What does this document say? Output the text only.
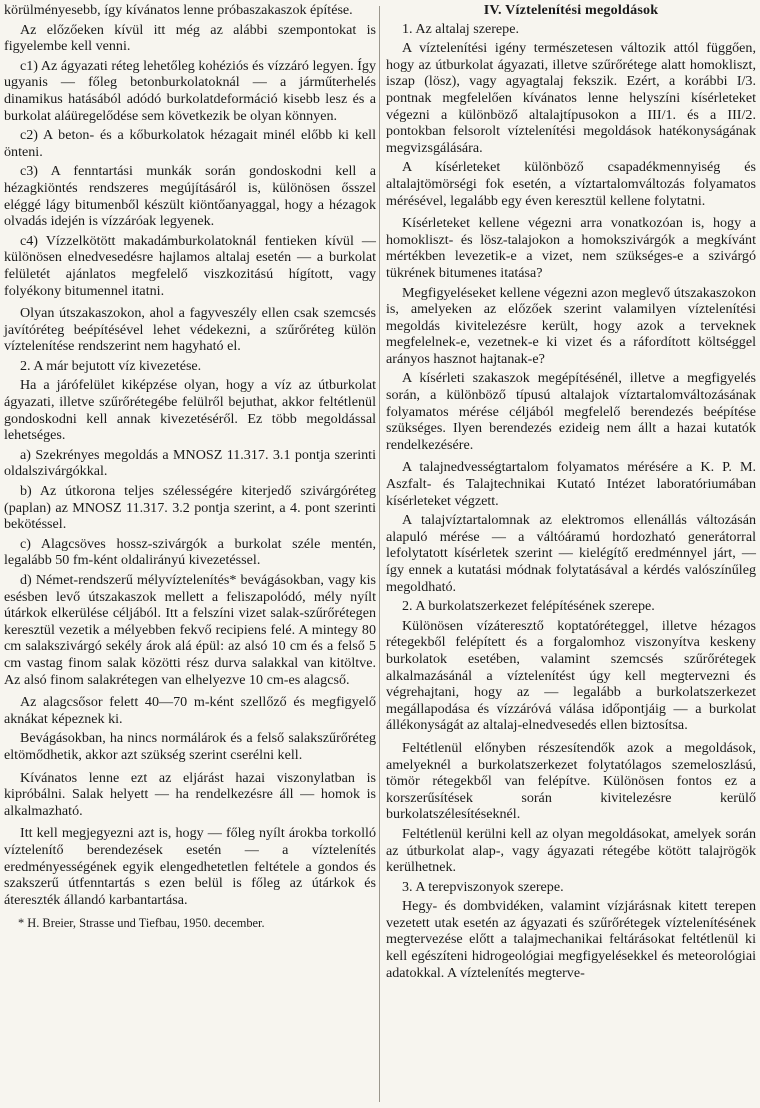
körülményesebb, így kívánatos lenne próbaszakaszok építése.

Az előzőeken kívül itt még az alábbi szempontokat is figyelembe kell venni.

c1) Az ágyazati réteg lehetőleg kohéziós és vízzáró legyen. Így ugyanis — főleg betonburkolatoknál — a járműterhelés dinamikus hatásából adódó burkolatdeformáció kisebb lesz és a burkolat aláüregelődése sem következik be olyan könnyen.

c2) A beton- és a kőburkolatok hézagait minél előbb ki kell önteni.

c3) A fenntartási munkák során gondoskodni kell a hézagkiöntés rendszeres megújításáról is, különösen ősszel eléggé lágy bitumenből készült kiöntőanyaggal, hogy a hézagok olvadás idején is vízzáróak legyenek.

c4) Vízzelkötött makadámburkolatoknál fentieken kívül — különösen elnedvesedésre hajlamos altalaj esetén — a burkolat felületét ajánlatos megfelelő viszkozitású hígított, vagy folyékony bitumennel itatni.

Olyan útszakaszokon, ahol a fagyveszély ellen csak szemcsés javítóréteg beépítésével lehet védekezni, a szűrőréteg külön víztelenítése rendszerint nem hagyható el.

2. A már bejutott víz kivezetése.

Ha a járófelület kiképzése olyan, hogy a víz az útburkolat ágyazati, illetve szűrőrétegébe felülről bejuthat, akkor feltétlenül gondoskodni kell annak kivezetéséről. Ez több megoldással lehetséges.

a) Szekrényes megoldás a MNOSZ 11.317. 3.1 pontja szerinti oldalszivárgókkal.

b) Az útkorona teljes szélességére kiterjedő szivárgóréteg (paplan) az MNOSZ 11.317. 3.2 pontja szerint, a 4. pont szerinti bekötéssel.

c) Alagcsöves hossz-szivárgók a burkolat széle mentén, legalább 50 fm-ként oldalirányú kivezetéssel.

d) Német-rendszerű mélyvíztelenítés* bevágásokban, vagy kis esésben levő útszakaszok mellett a feliszapolódó, mély nyílt útárkok elkerülése céljából. Itt a felszíni vizet salak-szűrőrétegen keresztül vezetik a mélyebben fekvő recipiens felé. A mintegy 80 cm salakszivárgó sekély árok alá épül: az alsó 10 cm és a felső 5 cm vastag finom salak közötti rész durva salakkal van kitöltve. Az alsó finom salakrétegen van elhelyezve 10 cm-es alagcső.

Az alagcsősor felett 40—70 m-ként szellőző és megfigyelő aknákat képeznek ki.

Bevágásokban, ha nincs normálárok és a felső salakszűrőréteg eltömődhetik, akkor azt szükség szerint cserélni kell.

Kívánatos lenne ezt az eljárást hazai viszonylatban is kipróbálni. Salak helyett — ha rendelkezésre áll — homok is alkalmazható.

Itt kell megjegyezni azt is, hogy — főleg nyílt árokba torkolló víztelenítő berendezések esetén — a víztelenítés eredményességének egyik elengedhetetlen feltétele a gondos és szakszerű útfenntartás s ezen belül is főleg az útárkok és átereszték állandó karbantartása.

* H. Breier, Strasse und Tiefbau, 1950. december.

IV. Víztelenítési megoldások

1. Az altalaj szerepe.

A víztelenítési igény természetesen változik attól függően, hogy az útburkolat ágyazati, illetve szűrőrétege alatt homokliszt, iszap (lösz), vagy agyagtalaj fekszik. Ezért, a korábbi I/3. pontnak megfelelően kívánatos lenne helyszíni kísérleteket végezni a különböző altalajtípusokon a III/1. és a III/2. pontokban felsorolt víztelenítési megoldások hatékonyságának megvizsgálására.

A kísérleteket különböző csapadékmennyiség és altalajtömörségi fok esetén, a víztartalomváltozás folyamatos mérésével, legalább egy éven keresztül kellene folytatni.

Kísérleteket kellene végezni arra vonatkozóan is, hogy a homokliszt- és lösz-talajokon a homokszivárgók a megkívánt mértékben levezetik-e a vizet, nem szükséges-e a szivárgó tükrének bitumenes itatása?

Megfigyeléseket kellene végezni azon meglevő útszakaszokon is, amelyeken az előzőek szerint valamilyen víztelenítési megoldás kivitelezésre került, hogy azok a terveknek megfelelnek-e, vezetnek-e ki vizet és a ráfordított költséggel arányos hasznot hajtanak-e?

A kísérleti szakaszok megépítésénél, illetve a megfigyelés során, a különböző típusú altalajok víztartalomváltozásának folyamatos mérése céljából megfelelő berendezés beépítése szükséges. Ilyen berendezés ezideig nem állt a hazai kutatók rendelkezésére.

A talajnedvességtartalom folyamatos mérésére a K. P. M. Aszfalt- és Talajtechnikai Kutató Intézet laboratóriumában kísérleteket végzett.

A talajvíztartalomnak az elektromos ellenállás változásán alapuló mérése — a váltóáramú hordozható generátorral lefolytatott kísérletek szerint — kielégítő eredménnyel járt, — így ennek a kutatási módnak folytatásával a kérdés valószínűleg megoldható.

2. A burkolatszerkezet felépítésének szerepe.

Különösen vízáteresztő koptatóréteggel, illetve hézagos rétegekből felépített és a forgalomhoz viszonyítva keskeny burkolatok esetében, valamint szemcsés szűrőrétegek alkalmazásánál a víztelenítést úgy kell megtervezni és végrehajtani, hogy az — legalább a burkolatszerkezet megállapodása és vízzáróvá válása időpontjáig — a burkolat állékonyságát az altalaj-elnedvesedés ellen biztosítsa.

Feltétlenül előnyben részesítendők azok a megoldások, amelyeknél a burkolatszerkezet folytatólagos szemeloszlású, tömör rétegekből van felépítve. Különösen fontos ez a korszerűsítések során kivitelezésre kerülő burkolatszélesítéseknél.

Feltétlenül kerülni kell az olyan megoldásokat, amelyek során az útburkolat alap-, vagy ágyazati rétegébe kötött talajrögök kerülhetnek.

3. A terepviszonyok szerepe.

Hegy- és dombvidéken, valamint vízjárásnak kitett terepen vezetett utak esetén az ágyazati és szűrőrétegek víztelenítésének megtervezése előtt a talajmechanikai feltárásokat feltétlenül ki kell egészíteni hidrogeológiai megfigyelésekkel és meteorológiai adatokkal. A víztelenítés megterve-
